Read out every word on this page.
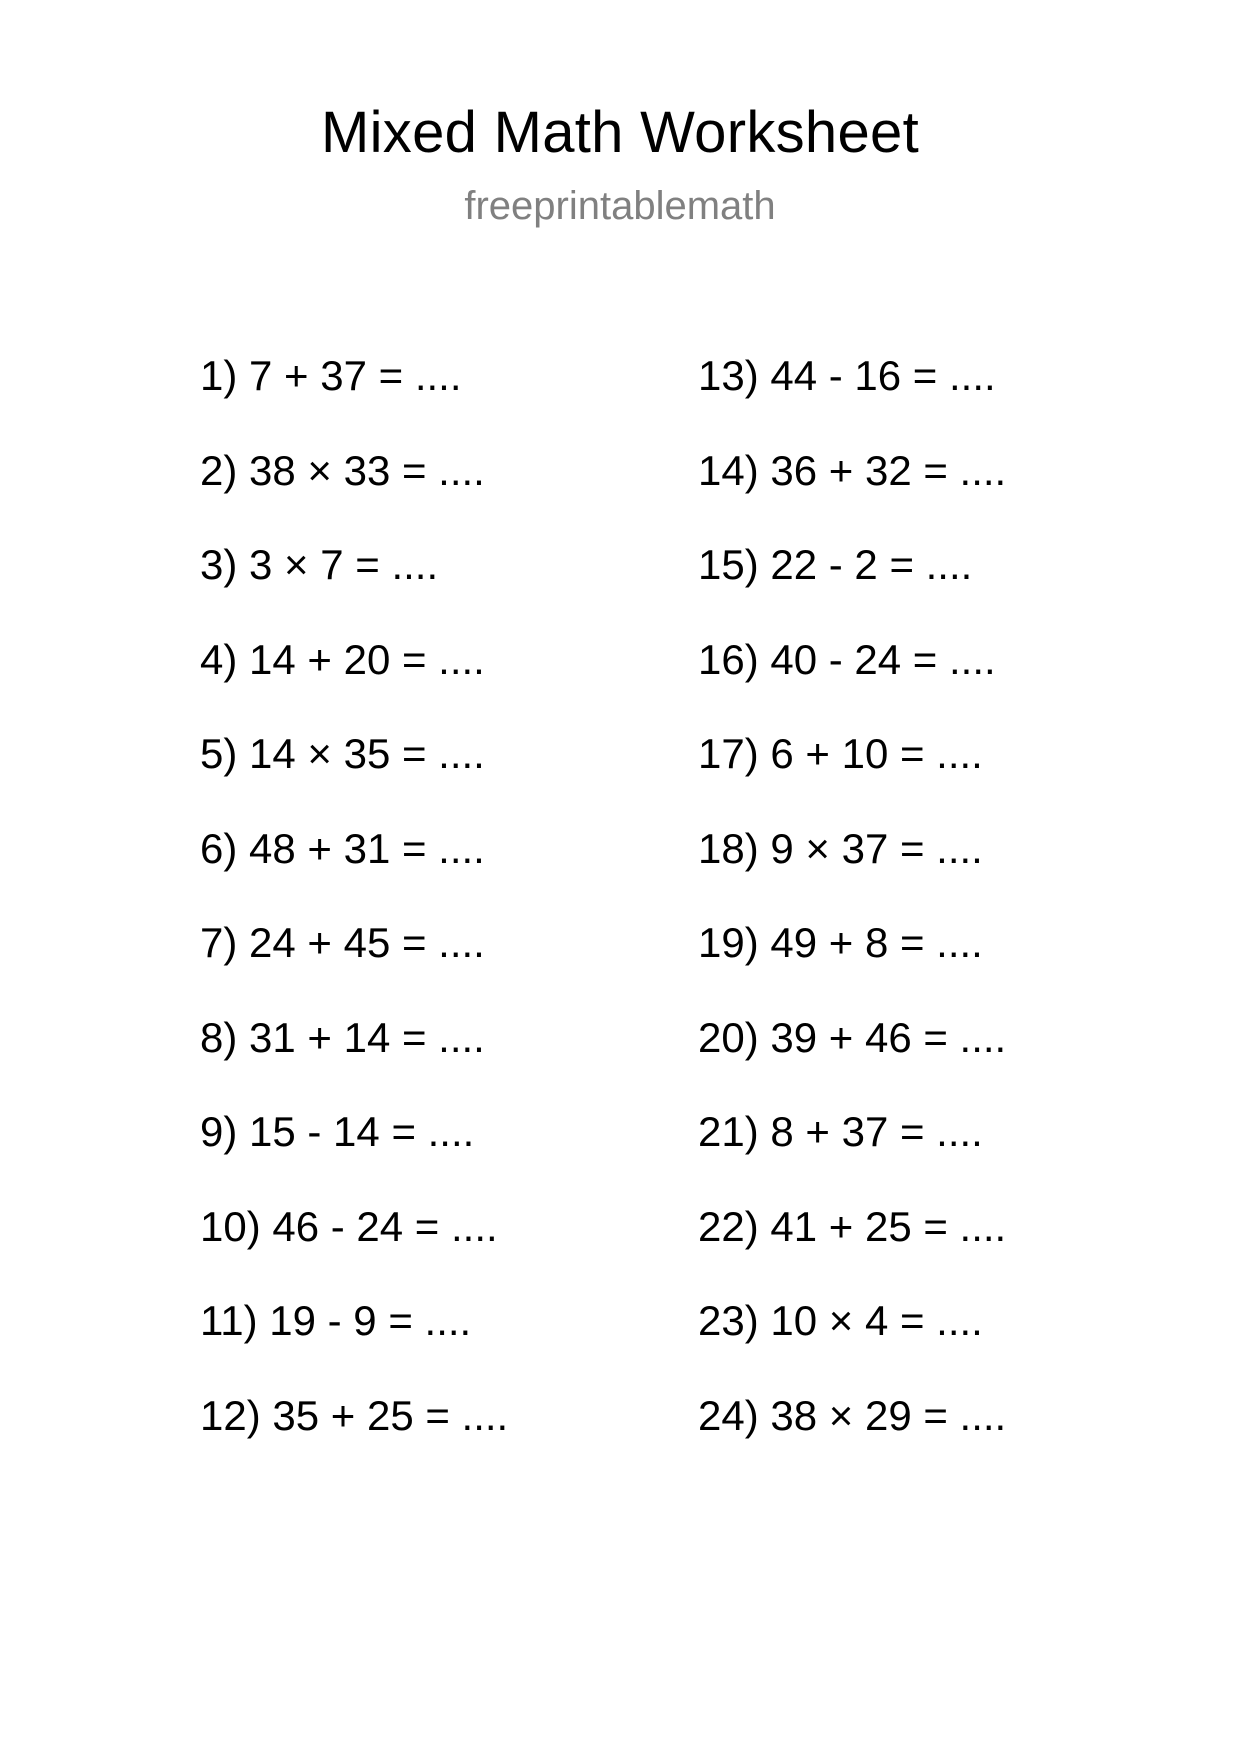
Mixed Math Worksheet
freeprintablemath
1) 7 + 37 = ....
2) 38 × 33 = ....
3) 3 × 7 = ....
4) 14 + 20 = ....
5) 14 × 35 = ....
6) 48 + 31 = ....
7) 24 + 45 = ....
8) 31 + 14 = ....
9) 15 - 14 = ....
10) 46 - 24 = ....
11) 19 - 9 = ....
12) 35 + 25 = ....
13) 44 - 16 = ....
14) 36 + 32 = ....
15) 22 - 2 = ....
16) 40 - 24 = ....
17) 6 + 10 = ....
18) 9 × 37 = ....
19) 49 + 8 = ....
20) 39 + 46 = ....
21) 8 + 37 = ....
22) 41 + 25 = ....
23) 10 × 4 = ....
24) 38 × 29 = ....
